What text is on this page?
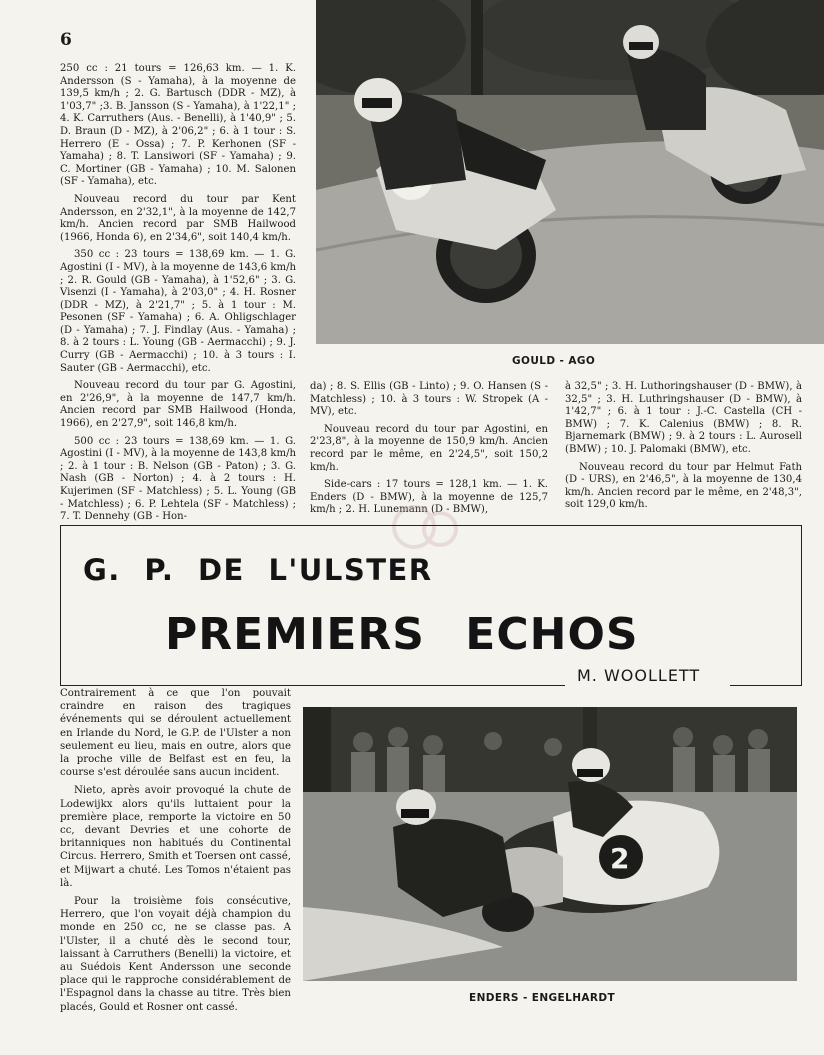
6
GOULD - AGO

250 cc : 21 tours = 126,63 km. — 1. K. Andersson (S - Yamaha), à la moyenne de 139,5 km/h ; 2. G. Bartusch (DDR - MZ), à 1'03,7" ;3. B. Jansson (S - Yamaha), à 1'22,1" ; 4. K. Carruthers (Aus. - Benelli), à 1'40,9" ; 5. D. Braun (D - MZ), à 2'06,2" ; 6. à 1 tour : S. Herrero (E - Ossa) ; 7. P. Kerhonen (SF - Yamaha) ; 8. T. Lansiwori (SF - Yamaha) ; 9. C. Mortiner (GB - Yamaha) ; 10. M. Salonen (SF - Yamaha), etc.

Nouveau record du tour par Kent Andersson, en 2'32,1", à la moyenne de 142,7 km/h. Ancien record par SMB Hailwood (1966, Honda 6), en 2'34,6", soit 140,4 km/h.

350 cc : 23 tours = 138,69 km. — 1. G. Agostini (I - MV), à la moyenne de 143,6 km/h ; 2. R. Gould (GB - Yamaha), à 1'52,6" ; 3. G. Visenzi (I - Yamaha), à 2'03,0" ; 4. H. Rosner (DDR - MZ), à 2'21,7" ; 5. à 1 tour : M. Pesonen (SF - Yamaha) ; 6. A. Ohligschlager (D - Yamaha) ; 7. J. Findlay (Aus. - Yamaha) ; 8. à 2 tours : L. Young (GB - Aermacchi) ; 9. J. Curry (GB - Aermacchi) ; 10. à 3 tours : I. Sauter (GB - Aermacchi), etc.

Nouveau record du tour par G. Agostini, en 2'26,9", à la moyenne de 147,7 km/h. Ancien record par SMB Hailwood (Honda, 1966), en 2'27,9", soit 146,8 km/h.

500 cc : 23 tours = 138,69 km. — 1. G. Agostini (I - MV), à la moyenne de 143,8 km/h ; 2. à 1 tour : B. Nelson (GB - Paton) ; 3. G. Nash (GB - Norton) ; 4. à 2 tours : H. Kujerimen (SF - Matchless) ; 5. L. Young (GB - Matchless) ; 6. P. Lehtela (SF - Matchless) ; 7. T. Dennehy (GB - Hon-

da) ; 8. S. Ellis (GB - Linto) ; 9. O. Hansen (S - Matchless) ; 10. à 3 tours : W. Stropek (A - MV), etc.

Nouveau record du tour par Agostini, en 2'23,8", à la moyenne de 150,9 km/h. Ancien record par le même, en 2'24,5", soit 150,2 km/h.

Side-cars : 17 tours = 128,1 km. — 1. K. Enders (D - BMW), à la moyenne de 125,7 km/h ; 2. H. Lunemann (D - BMW),

à 32,5" ; 3. H. Luthoringshauser (D - BMW), à 32,5" ; 3. H. Luthringshauser (D - BMW), à 1'42,7" ; 6. à 1 tour : J.-C. Castella (CH - BMW) ; 7. K. Calenius (BMW) ; 8. R. Bjarnemark (BMW) ; 9. à 2 tours : L. Aurosell (BMW) ; 10. J. Palomaki (BMW), etc.

Nouveau record du tour par Helmut Fath (D - URS), en 2'46,5", à la moyenne de 130,4 km/h. Ancien record par le même, en 2'48,3", soit 129,0 km/h.

G. P. DE L'ULSTER
PREMIERS ECHOS
M. WOOLLETT

Contrairement à ce que l'on pouvait craindre en raison des tragiques événements qui se déroulent actuellement en Irlande du Nord, le G.P. de l'Ulster a non seulement eu lieu, mais en outre, alors que la proche ville de Belfast est en feu, la course s'est déroulée sans aucun incident.

Nieto, après avoir provoqué la chute de Lodewijkx alors qu'ils luttaient pour la première place, remporte la victoire en 50 cc, devant Devries et une cohorte de britanniques non habitués du Continental Circus. Herrero, Smith et Toersen ont cassé, et Mijwart a chuté. Les Tomos n'étaient pas là.

Pour la troisième fois consécutive, Herrero, que l'on voyait déjà champion du monde en 250 cc, ne se classe pas. A l'Ulster, il a chuté dès le second tour, laissant à Carruthers (Benelli) la victoire, et au Suédois Kent Andersson une seconde place qui le rapproche considérablement de l'Espagnol dans la chasse au titre. Très bien placés, Gould et Rosner ont cassé.

2
ENDERS - ENGELHARDT
